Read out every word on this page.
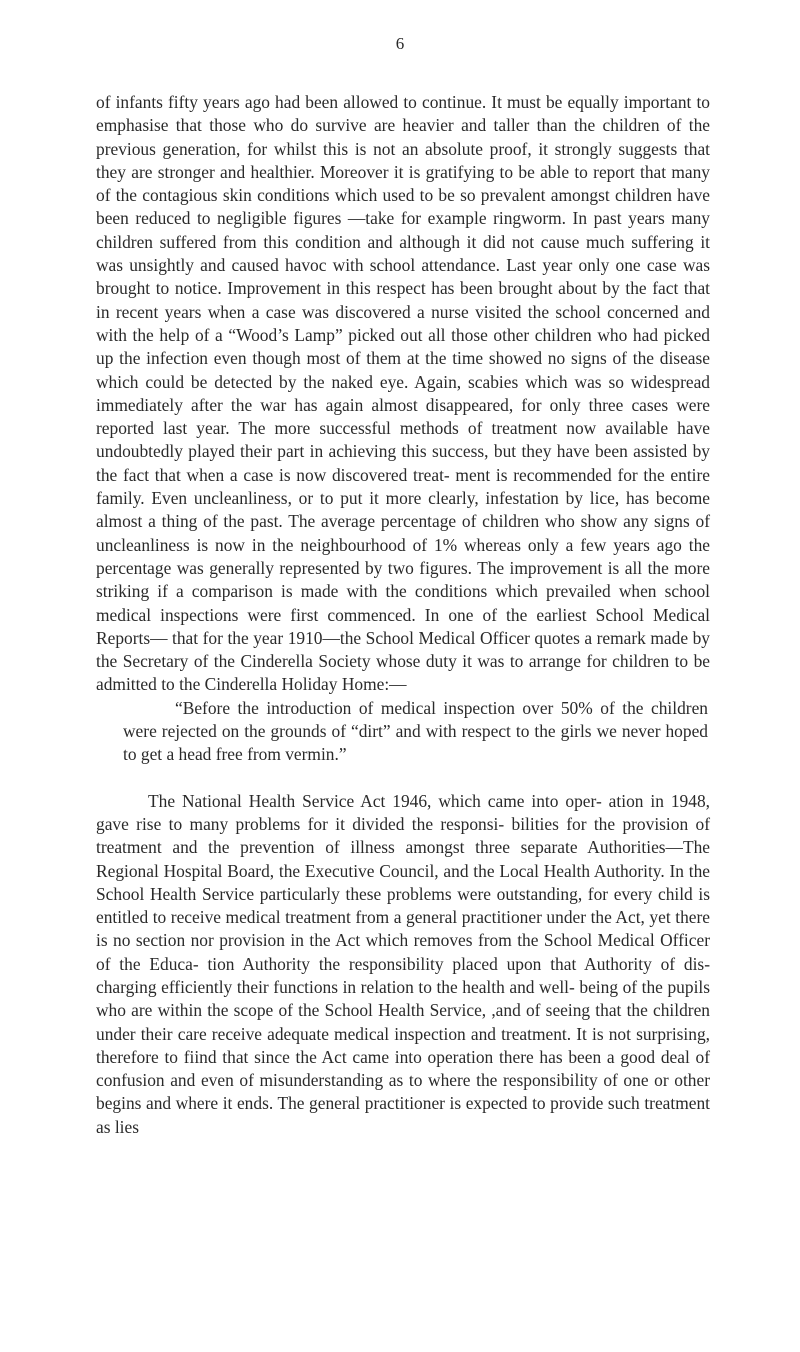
6

of infants fifty years ago had been allowed to continue. It must be equally important to emphasise that those who do survive are heavier and taller than the children of the previous generation, for whilst this is not an absolute proof, it strongly suggests that they are stronger and healthier. Moreover it is gratifying to be able to report that many of the contagious skin conditions which used to be so prevalent amongst children have been reduced to negligible figures —take for example ringworm. In past years many children suffered from this condition and although it did not cause much suffering it was unsightly and caused havoc with school attendance. Last year only one case was brought to notice. Improvement in this respect has been brought about by the fact that in recent years when a case was discovered a nurse visited the school concerned and with the help of a “Wood’s Lamp” picked out all those other children who had picked up the infection even though most of them at the time showed no signs of the disease which could be detected by the naked eye. Again, scabies which was so widespread immediately after the war has again almost disappeared, for only three cases were reported last year. The more successful methods of treatment now available have undoubtedly played their part in achieving this success, but they have been assisted by the fact that when a case is now discovered treat- ment is recommended for the entire family. Even uncleanliness, or to put it more clearly, infestation by lice, has become almost a thing of the past. The average percentage of children who show any signs of uncleanliness is now in the neighbourhood of 1% whereas only a few years ago the percentage was generally represented by two figures. The improvement is all the more striking if a comparison is made with the conditions which prevailed when school medical inspections were first commenced. In one of the earliest School Medical Reports— that for the year 1910—the School Medical Officer quotes a remark made by the Secretary of the Cinderella Society whose duty it was to arrange for children to be admitted to the Cinderella Holiday Home:—

“Before the introduction of medical inspection over 50% of the children were rejected on the grounds of “dirt” and with respect to the girls we never hoped to get a head free from vermin.”

The National Health Service Act 1946, which came into oper- ation in 1948, gave rise to many problems for it divided the responsi- bilities for the provision of treatment and the prevention of illness amongst three separate Authorities—The Regional Hospital Board, the Executive Council, and the Local Health Authority. In the School Health Service particularly these problems were outstanding, for every child is entitled to receive medical treatment from a general practitioner under the Act, yet there is no section nor provision in the Act which removes from the School Medical Officer of the Educa- tion Authority the responsibility placed upon that Authority of dis- charging efficiently their functions in relation to the health and well- being of the pupils who are within the scope of the School Health Service, ,and of seeing that the children under their care receive adequate medical inspection and treatment. It is not surprising, therefore to fiind that since the Act came into operation there has been a good deal of confusion and even of misunderstanding as to where the responsibility of one or other begins and where it ends. The general practitioner is expected to provide such treatment as lies
